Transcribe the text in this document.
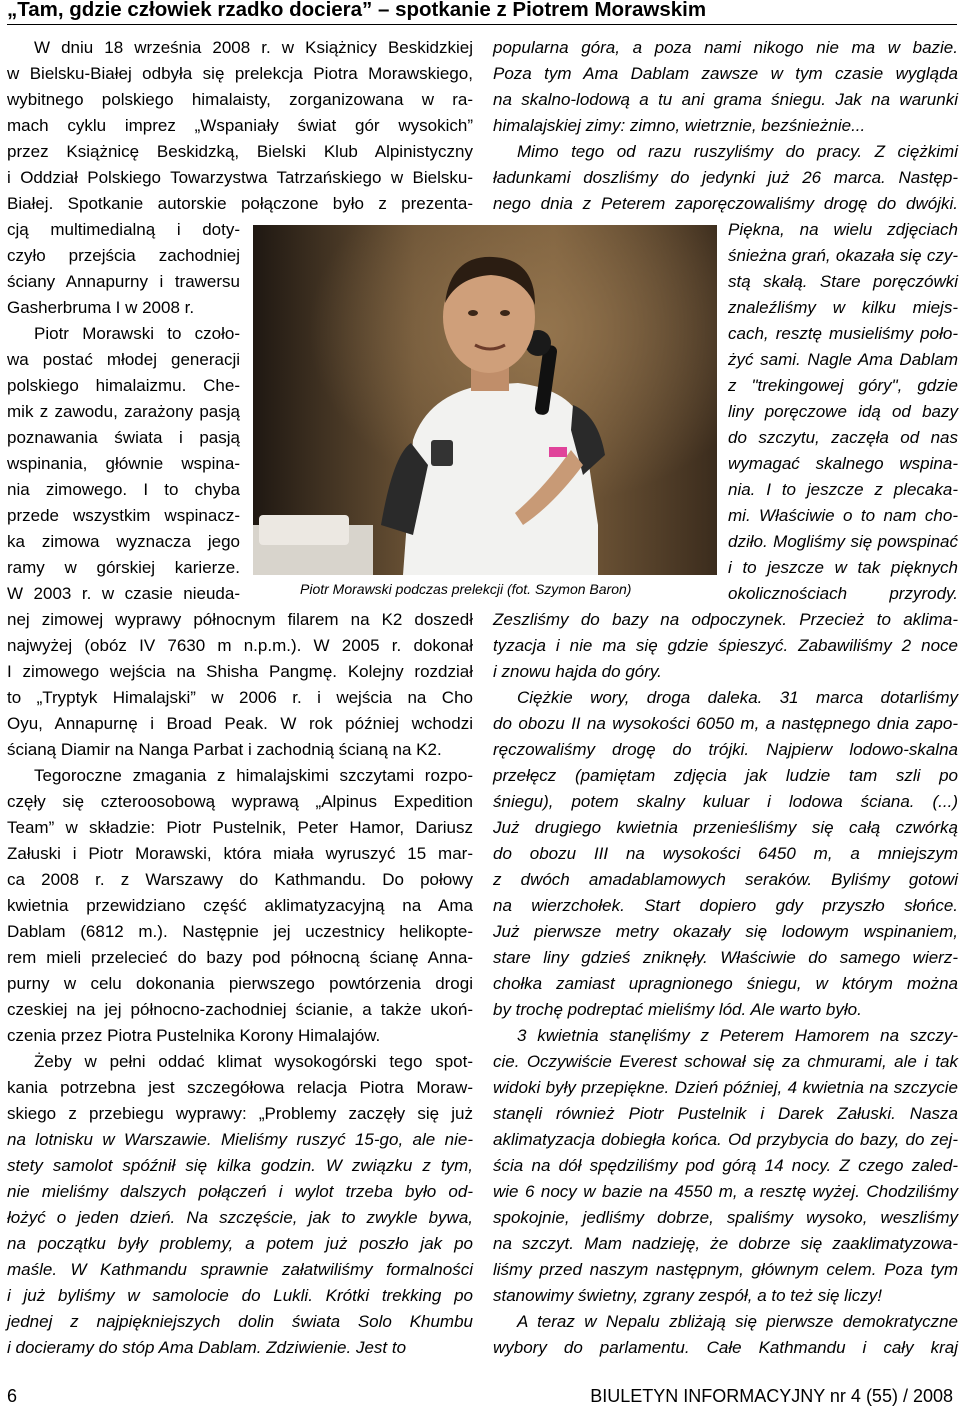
„Tam, gdzie człowiek rzadko dociera” – spotkanie z Piotrem Morawskim
W dniu 18 września 2008 r. w Książnicy Beskidzkiej
w Bielsku-Białej odbyła się prelekcja Piotra Morawskiego,
wybitnego polskiego himalaisty, zorganizowana w ra-
mach cyklu imprez „Wspaniały świat gór wysokich”
przez Książnicę Beskidzką, Bielski Klub Alpinistyczny
i Oddział Polskiego Towarzystwa Tatrzańskiego w Bielsku-
Białej. Spotkanie autorskie połączone było z prezenta-
cją multimedialną i doty-
czyło przejścia zachodniej
ściany Annapurny i trawersu
Gasherbruma I w 2008 r.
Piotr Morawski to czoło-
wa postać młodej generacji
polskiego himalaizmu. Che-
mik z zawodu, zarażony pasją
poznawania świata i pasją
wspinania, głównie wspina-
nia zimowego. I to chyba
przede wszystkim wspinacz-
ka zimowa wyznacza jego
ramy w górskiej karierze.
W 2003 r. w czasie nieuda-
nej zimowej wyprawy północnym filarem na K2 doszedł
najwyżej (obóz IV 7630 m n.p.m.). W 2005 r. dokonał
I zimowego wejścia na Shisha Pangmę. Kolejny rozdział
to „Tryptyk Himalajski” w 2006 r. i wejścia na Cho
Oyu, Annapurnę i Broad Peak. W rok później wchodzi
ścianą Diamir na Nanga Parbat i zachodnią ścianą na K2.
Tegoroczne zmagania z himalajskimi szczytami rozpo-
częły się czteroosobową wyprawą „Alpinus Expedition
Team” w składzie: Piotr Pustelnik, Peter Hamor, Dariusz
Załuski i Piotr Morawski, która miała wyruszyć 15 mar-
ca 2008 r. z Warszawy do Kathmandu. Do połowy
kwietnia przewidziano część aklimatyzacyjną na Ama
Dablam (6812 m.). Następnie jej uczestnicy helikopte-
rem mieli przelecieć do bazy pod północną ścianę Anna-
purny w celu dokonania pierwszego powtórzenia drogi
czeskiej na jej północno-zachodniej ścianie, a także ukoń-
czenia przez Piotra Pustelnika Korony Himalajów.
Żeby w pełni oddać klimat wysokogórski tego spot-
kania potrzebna jest szczegółowa relacja Piotra Moraw-
skiego z przebiegu wyprawy: „Problemy zaczęły się już
na lotnisku w Warszawie. Mieliśmy ruszyć 15-go, ale nie-
stety samolot spóźnił się kilka godzin. W związku z tym,
nie mieliśmy dalszych połączeń i wylot trzeba było od-
łożyć o jeden dzień. Na szczęście, jak to zwykle bywa,
na początku były problemy, a potem już poszło jak po
maśle. W Kathmandu sprawnie załatwiliśmy formalności
i już byliśmy w samolocie do Lukli. Krótki trekking po
jednej z najpiękniejszych dolin świata Solo Khumbu
i docieramy do stóp Ama Dablam. Zdziwienie. Jest to
popularna góra, a poza nami nikogo nie ma w bazie.
Poza tym Ama Dablam zawsze w tym czasie wygląda
na skalno-lodową a tu ani grama śniegu. Jak na warunki
himalajskiej zimy: zimno, wietrznie, bezśnieżnie...
Mimo tego od razu ruszyliśmy do pracy. Z ciężkimi
ładunkami doszliśmy do jedynki już 26 marca. Następ-
nego dnia z Peterem zaporęczowaliśmy drogę do dwójki.
Piękna, na wielu zdjęciach
śnieżna grań, okazała się czy-
stą skałą. Stare poręczówki
znaleźliśmy w kilku miejs-
cach, resztę musieliśmy poło-
żyć sami. Nagle Ama Dablam
z "trekingowej góry", gdzie
liny poręczowe idą od bazy
do szczytu, zaczęła od nas
wymagać skalnego wspina-
nia. I to jeszcze z plecaka-
mi. Właściwie o to nam cho-
dziło. Mogliśmy się powspinać
i to jeszcze w tak pięknych
okolicznościach przyrody.
Zeszliśmy do bazy na odpoczynek. Przecież to aklima-
tyzacja i nie ma się gdzie śpieszyć. Zabawiliśmy 2 noce
i znowu hajda do góry.
Ciężkie wory, droga daleka. 31 marca dotarliśmy
do obozu II na wysokości 6050 m, a następnego dnia zapo-
ręczowaliśmy drogę do trójki. Najpierw lodowo-skalna
przełęcz (pamiętam zdjęcia jak ludzie tam szli po
śniegu), potem skalny kuluar i lodowa ściana. (...)
Już drugiego kwietnia przenieśliśmy się całą czwórką
do obozu III na wysokości 6450 m, a mniejszym
z dwóch amadablamowych seraków. Byliśmy gotowi
na wierzchołek. Start dopiero gdy przyszło słońce.
Już pierwsze metry okazały się lodowym wspinaniem,
stare liny gdzieś zniknęły. Właściwie do samego wierz-
chołka zamiast upragnionego śniegu, w którym można
by trochę podreptać mieliśmy lód. Ale warto było.
3 kwietnia stanęliśmy z Peterem Hamorem na szczy-
cie. Oczywiście Everest schował się za chmurami, ale i tak
widoki były przepiękne. Dzień później, 4 kwietnia na szczycie
stanęli również Piotr Pustelnik i Darek Załuski. Nasza
aklimatyzacja dobiegła końca. Od przybycia do bazy, do zej-
ścia na dół spędziliśmy pod górą 14 nocy. Z czego zaled-
wie 6 nocy w bazie na 4550 m, a resztę wyżej. Chodziliśmy
spokojnie, jedliśmy dobrze, spaliśmy wysoko, weszliśmy
na szczyt. Mam nadzieję, że dobrze się zaaklimatyzowa-
liśmy przed naszym następnym, głównym celem. Poza tym
stanowimy świetny, zgrany zespół, a to też się liczy!
A teraz w Nepalu zbliżają się pierwsze demokratyczne
wybory do parlamentu. Całe Kathmandu i cały kraj
Piotr Morawski podczas prelekcji (fot. Szymon Baron)
6	BIULETYN INFORMACYJNY nr 4 (55) / 2008
